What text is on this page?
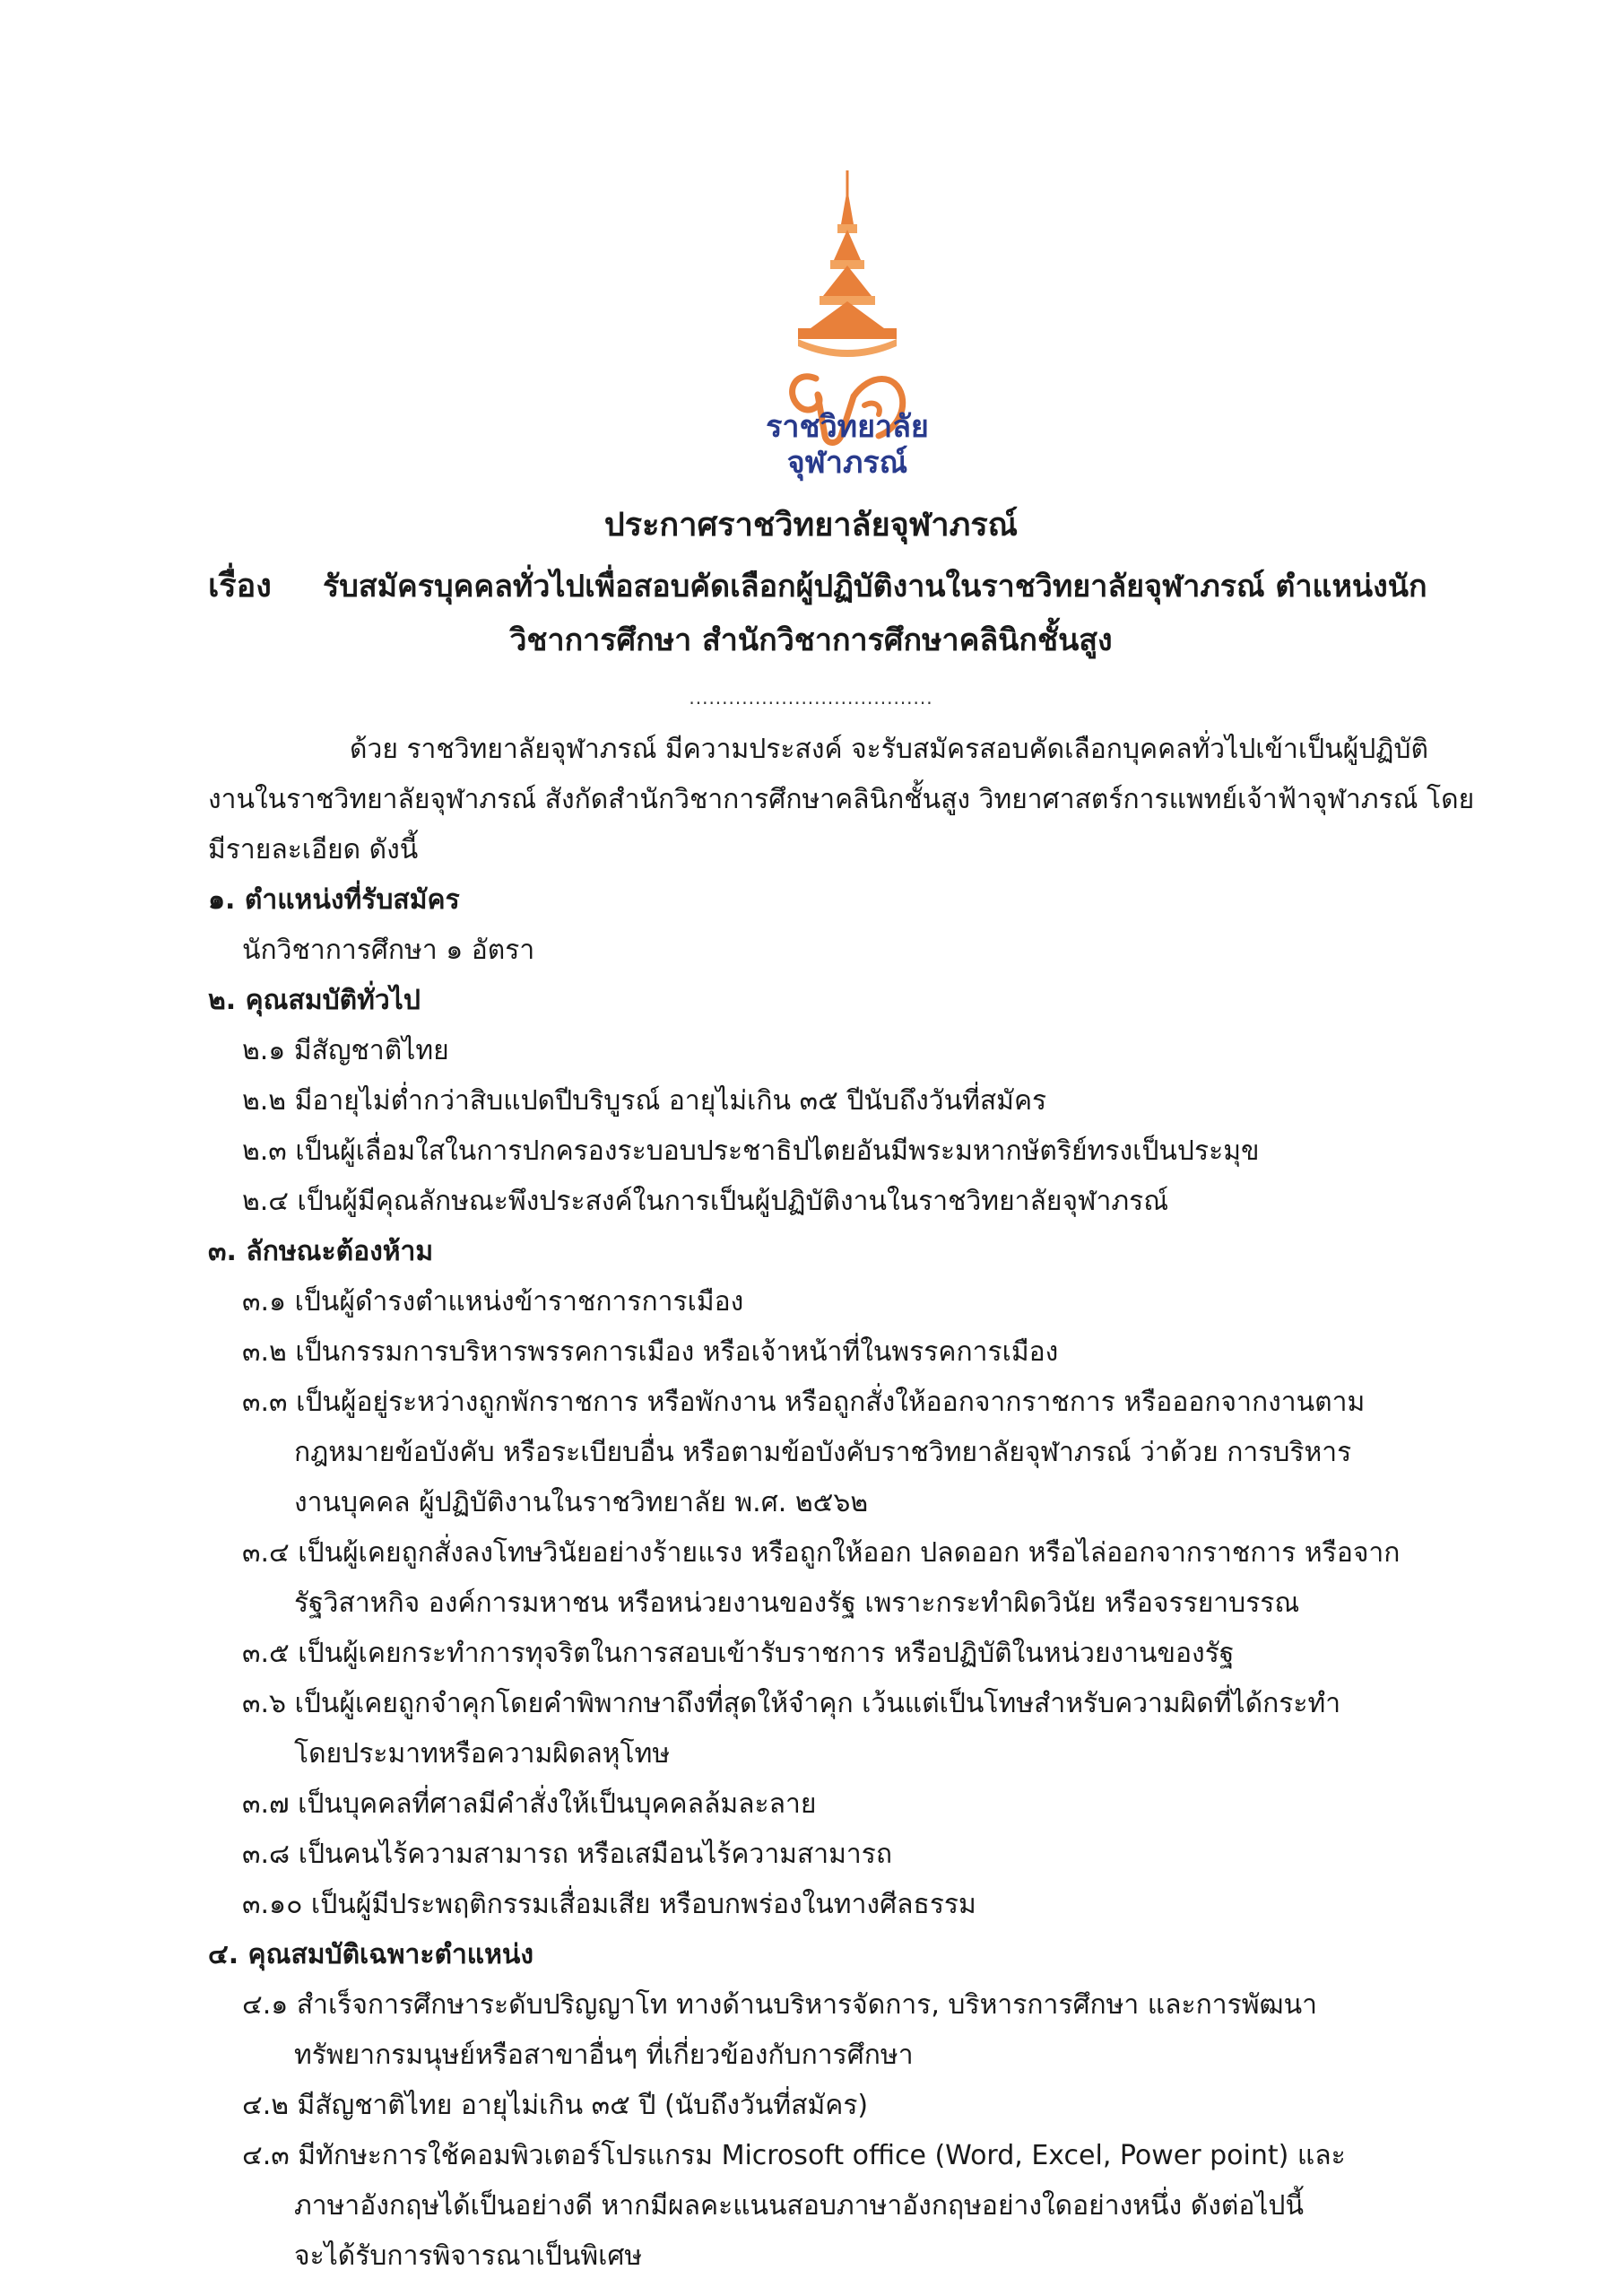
ราชวิทยาลัย
จุฬาภรณ์
ประกาศราชวิทยาลัยจุฬาภรณ์
เรื่อง รับสมัครบุคคลทั่วไปเพื่อสอบคัดเลือกผู้ปฏิบัติงานในราชวิทยาลัยจุฬาภรณ์ ตำแหน่งนัก
วิชาการศึกษา สำนักวิชาการศึกษาคลินิกชั้นสูง
.....................................
ด้วย ราชวิทยาลัยจุฬาภรณ์ มีความประสงค์ จะรับสมัครสอบคัดเลือกบุคคลทั่วไปเข้าเป็นผู้ปฏิบัติ
งานในราชวิทยาลัยจุฬาภรณ์ สังกัดสำนักวิชาการศึกษาคลินิกชั้นสูง วิทยาศาสตร์การแพทย์เจ้าฟ้าจุฬาภรณ์ โดย
มีรายละเอียด ดังนี้
๑. ตำแหน่งที่รับสมัคร
นักวิชาการศึกษา ๑ อัตรา
๒. คุณสมบัติทั่วไป
๒.๑ มีสัญชาติไทย
๒.๒ มีอายุไม่ต่ำกว่าสิบแปดปีบริบูรณ์ อายุไม่เกิน ๓๕ ปีนับถึงวันที่สมัคร
๒.๓ เป็นผู้เลื่อมใสในการปกครองระบอบประชาธิปไตยอันมีพระมหากษัตริย์ทรงเป็นประมุข
๒.๔ เป็นผู้มีคุณลักษณะพึงประสงค์ในการเป็นผู้ปฏิบัติงานในราชวิทยาลัยจุฬาภรณ์
๓. ลักษณะต้องห้าม
๓.๑ เป็นผู้ดำรงตำแหน่งข้าราชการการเมือง
๓.๒ เป็นกรรมการบริหารพรรคการเมือง หรือเจ้าหน้าที่ในพรรคการเมือง
๓.๓ เป็นผู้อยู่ระหว่างถูกพักราชการ หรือพักงาน หรือถูกสั่งให้ออกจากราชการ หรือออกจากงานตาม
กฎหมายข้อบังคับ หรือระเบียบอื่น หรือตามข้อบังคับราชวิทยาลัยจุฬาภรณ์ ว่าด้วย การบริหาร
งานบุคคล ผู้ปฏิบัติงานในราชวิทยาลัย พ.ศ. ๒๕๖๒
๓.๔ เป็นผู้เคยถูกสั่งลงโทษวินัยอย่างร้ายแรง หรือถูกให้ออก ปลดออก หรือไล่ออกจากราชการ หรือจาก
รัฐวิสาหกิจ องค์การมหาชน หรือหน่วยงานของรัฐ เพราะกระทำผิดวินัย หรือจรรยาบรรณ
๓.๕ เป็นผู้เคยกระทำการทุจริตในการสอบเข้ารับราชการ หรือปฏิบัติในหน่วยงานของรัฐ
๓.๖ เป็นผู้เคยถูกจำคุกโดยคำพิพากษาถึงที่สุดให้จำคุก เว้นแต่เป็นโทษสำหรับความผิดที่ได้กระทำ
โดยประมาทหรือความผิดลหุโทษ
๓.๗ เป็นบุคคลที่ศาลมีคำสั่งให้เป็นบุคคลล้มละลาย
๓.๘ เป็นคนไร้ความสามารถ หรือเสมือนไร้ความสามารถ
๓.๑๐ เป็นผู้มีประพฤติกรรมเสื่อมเสีย หรือบกพร่องในทางศีลธรรม
๔. คุณสมบัติเฉพาะตำแหน่ง
๔.๑ สำเร็จการศึกษาระดับปริญญาโท ทางด้านบริหารจัดการ, บริหารการศึกษา และการพัฒนา
ทรัพยากรมนุษย์หรือสาขาอื่นๆ ที่เกี่ยวข้องกับการศึกษา
๔.๒ มีสัญชาติไทย อายุไม่เกิน ๓๕ ปี (นับถึงวันที่สมัคร)
๔.๓ มีทักษะการใช้คอมพิวเตอร์โปรแกรม Microsoft office (Word, Excel, Power point) และ
ภาษาอังกฤษได้เป็นอย่างดี หากมีผลคะแนนสอบภาษาอังกฤษอย่างใดอย่างหนึ่ง ดังต่อไปนี้
จะได้รับการพิจารณาเป็นพิเศษ
